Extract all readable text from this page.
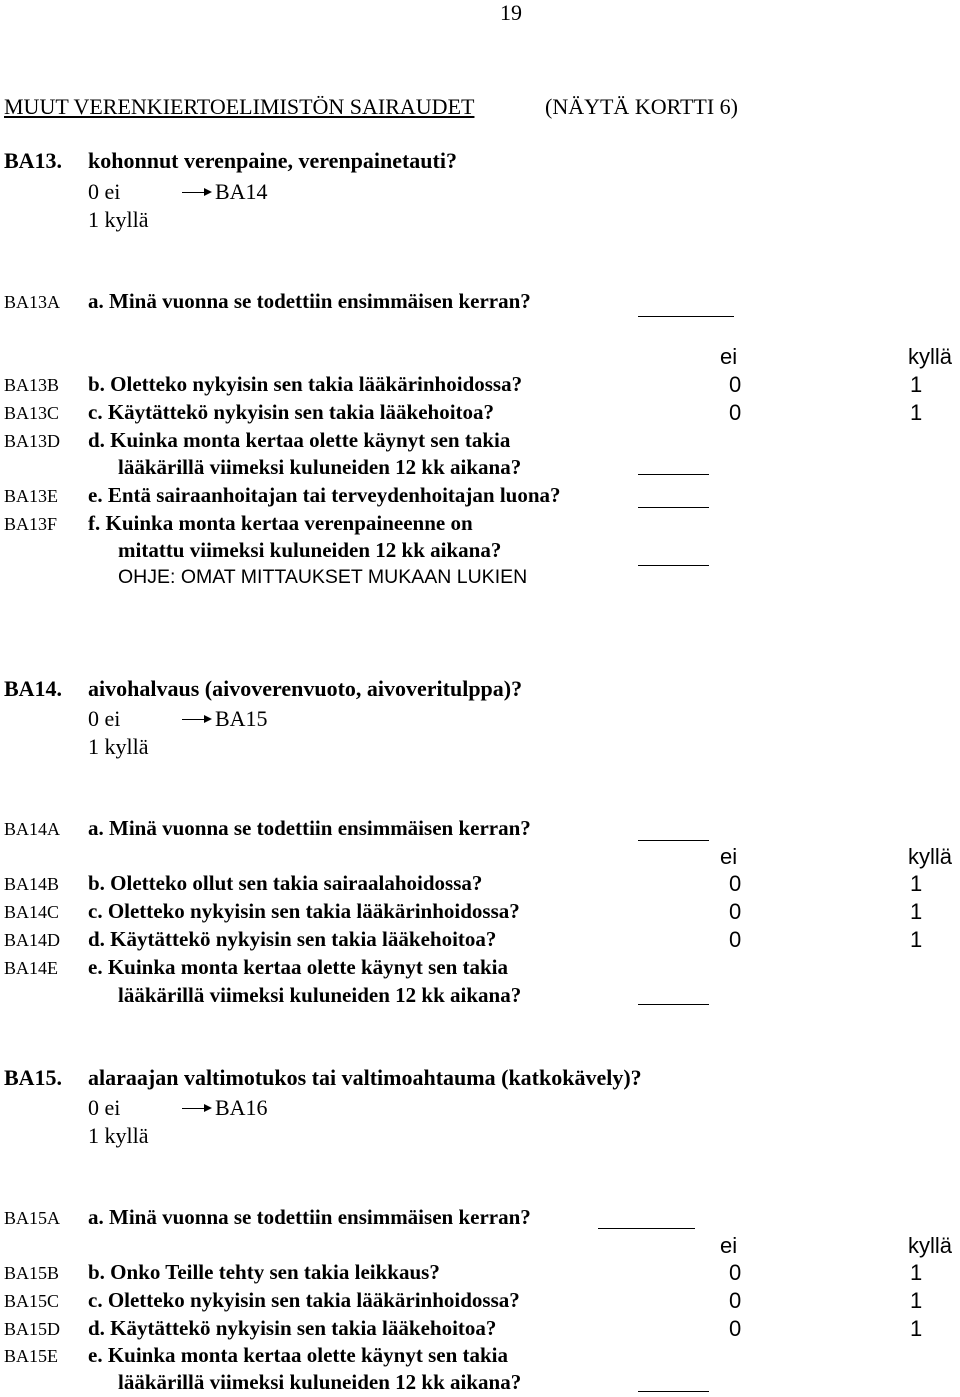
19
MUUT VERENKIERTOELIMISTÖN SAIRAUDET	(NÄYTÄ KORTTI 6)
BA13. kohonnut verenpaine, verenpainetauti?
0 ei	BA14
1 kyllä
BA13A a. Minä vuonna se todettiin ensimmäisen kerran?
ei	kyllä
BA13B b. Oletteko nykyisin sen takia lääkärinhoidossa?	0	1
BA13C c. Käytättekö nykyisin sen takia lääkehoitoa?	0	1
BA13D d. Kuinka monta kertaa olette käynyt sen takia
lääkärillä viimeksi kuluneiden 12 kk aikana?
BA13E e. Entä sairaanhoitajan tai terveydenhoitajan luona?
BA13F f. Kuinka monta kertaa verenpaineenne on
mitattu viimeksi kuluneiden 12 kk aikana?
OHJE: OMAT MITTAUKSET MUKAAN LUKIEN
BA14. aivohalvaus (aivoverenvuoto, aivoveritulppa)?
0 ei	BA15
1 kyllä
BA14A a. Minä vuonna se todettiin ensimmäisen kerran?
ei	kyllä
BA14B b. Oletteko ollut sen takia sairaalahoidossa?	0	1
BA14C c. Oletteko nykyisin sen takia lääkärinhoidossa?	0	1
BA14D d. Käytättekö nykyisin sen takia lääkehoitoa?	0	1
BA14E e. Kuinka monta kertaa olette käynyt sen takia
lääkärillä viimeksi kuluneiden 12 kk aikana?
BA15. alaraajan valtimotukos tai valtimoahtauma (katkokävely)?
0 ei	BA16
1 kyllä
BA15A a. Minä vuonna se todettiin ensimmäisen kerran?
ei	kyllä
BA15B b. Onko Teille tehty sen takia leikkaus?	0	1
BA15C c. Oletteko nykyisin sen takia lääkärinhoidossa?	0	1
BA15D d. Käytättekö nykyisin sen takia lääkehoitoa?	0	1
BA15E e. Kuinka monta kertaa olette käynyt sen takia
lääkärillä viimeksi kuluneiden 12 kk aikana?
